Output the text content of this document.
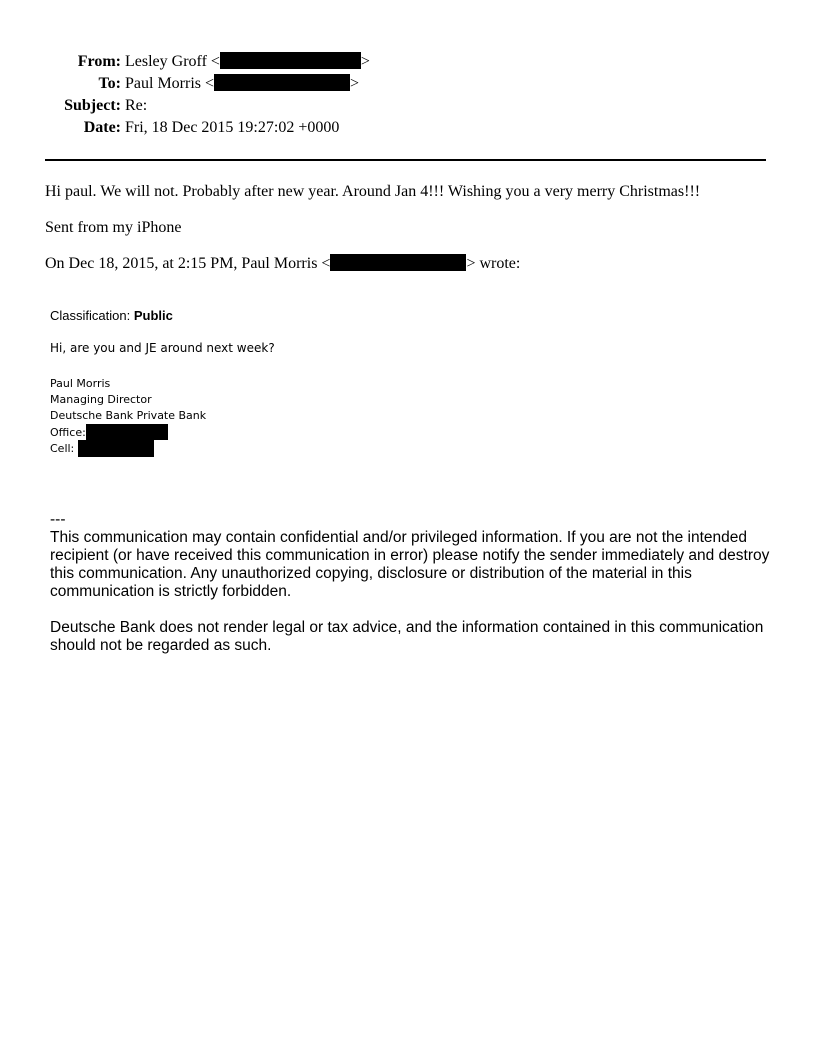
From: Lesley Groff <	>
To: Paul Morris <	>
Subject: Re:
Date: Fri, 18 Dec 2015 19:27:02 +0000
Hi paul. We will not. Probably after new year. Around Jan 4!!! Wishing you a very merry Christmas!!!
Sent from my iPhone
On Dec 18, 2015, at 2:15 PM, Paul Morris <	> wrote:
Classification: Public
Hi, are you and JE around next week?
Paul Morris
Managing Director
Deutsche Bank Private Bank
Office:
Cell:

---

This communication may contain confidential and/or privileged information. If you are not the intended recipient (or have received this communication in error) please notify the sender immediately and destroy this communication. Any unauthorized copying, disclosure or distribution of the material in this communication is strictly forbidden.

Deutsche Bank does not render legal or tax advice, and the information contained in this communication should not be regarded as such.
